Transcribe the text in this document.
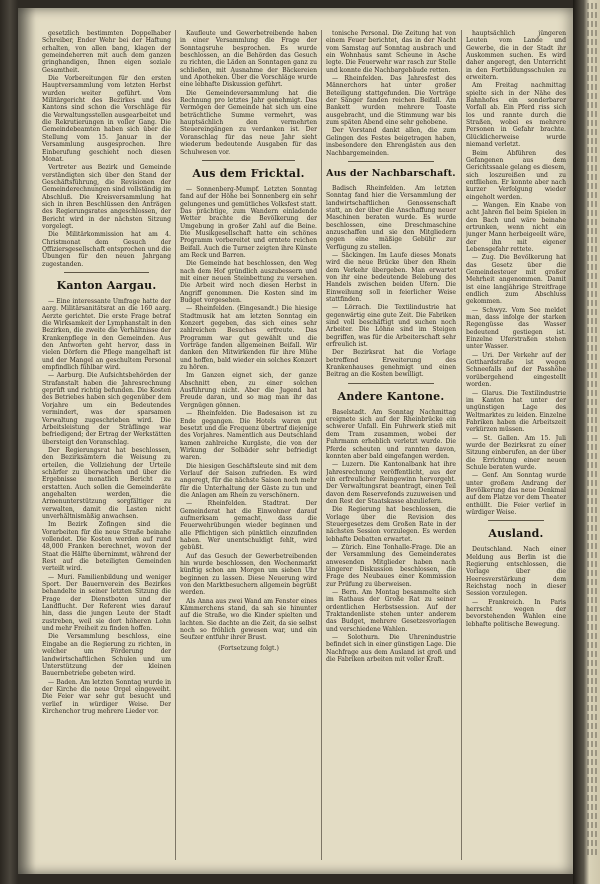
gesetzlich bestimmten Doppelhaber Schreiber, Ender Wehr bei der Haftung erhalten, von allen bang, klagen der gemeindeherren mit auch dem ganzen gringhandigen, Ihnen eigen soziale Gesamtheit.

Die Vorbereitungen für den ersten Hauptversammlung vom letzten Herbst wurden weiter geführt. Vom Militärgericht des Bezirkes und des Kantons sind schon die Vorschläge für die Verwaltungsstellen ausgearbeitet und die Rekrutierungen in voller Gang. Die Gemeindebeamten haben sich über die Stellung vom 15. Januar in der Versammlung ausgesprochen. Ihre Einberufung geschieht noch diesen Monat.

Vertreter aus Bezirk und Gemeinde verständigten sich über den Stand der Geschäftsführung, die Revisionen der Gemeinderechnungen sind vollständig im Abschluß. Die Kreisversammlung hat sich in ihren Beschlüssen den Anträgen des Regierungsrates angeschlossen, der Bericht wird in der nächsten Sitzung vorgelegt.

Die Militärkommission hat am 4. Christmonat dem Gesuch der Offiziersgesellschaft entsprochen und die Übungen für den neuen Jahrgang zugestanden.

Kanton Aargau.

— Eine interessante Umfrage hatte der aarg. Militärsanitätsrat an die 160 aarg. Aerzte gerichtet. Die erste Frage betraf die Wirksamkeit der Lymphanstalt in den Bezirken, die zweite die Verhältnisse der Krankenpflege in den Gemeinden. Aus den Antworten geht hervor, dass in vielen Dörfern die Pflege mangelhaft ist und der Mangel an geschultem Personal empfindlich fühlbar wird.

— Aarburg. Die Aufsichtsbehörden der Strafanstalt haben die Jahresrechnung geprüft und richtig befunden. Die Kosten des Betriebes haben sich gegenüber dem Vorjahre um ein Bedeutendes vermindert, was der sparsamen Verwaltung zugeschrieben wird. Die Arbeitsleistung der Sträflinge war befriedigend; der Ertrag der Werkstätten übersteigt den Voranschlag.

Der Regierungsrat hat beschlossen, den Bezirksämtern die Weisung zu erteilen, die Vollziehung der Urteile schärfer zu überwachen und über die Ergebnisse monatlich Bericht zu erstatten. Auch sollen die Gemeinderäte angehalten werden, die Armenunterstützung sorgfältiger zu verwalten, damit die Lasten nicht unverhältnismäßig anwachsen.

Im Bezirk Zofingen sind die Vorarbeiten für die neue Straße beinahe vollendet. Die Kosten werden auf rund 48,000 Franken berechnet, wovon der Staat die Hälfte übernimmt, während der Rest auf die beteiligten Gemeinden verteilt wird.

— Muri. Familienbildung und weniger Sport. Der Bauernverein des Bezirkes behandelte in seiner letzten Sitzung die Frage der Dienstboten und der Landflucht. Der Referent wies darauf hin, dass die jungen Leute der Stadt zustreben, weil sie dort höheren Lohn und mehr Freiheit zu finden hoffen.

Die Versammlung beschloss, eine Eingabe an die Regierung zu richten, in welcher um Förderung der landwirtschaftlichen Schulen und um Unterstützung der kleinen Bauernbetriebe gebeten wird.

— Baden. Am letzten Sonntag wurde in der Kirche die neue Orgel eingeweiht. Die Feier war sehr gut besucht und verlief in würdiger Weise. Der Kirchenchor trug mehrere Lieder vor.

Kaufleute und Gewerbetreibende haben in einer Versammlung die Frage der Sonntagsruhe besprochen. Es wurde beschlossen, an die Behörden das Gesuch zu richten, die Läden an Sonntagen ganz zu schließen, mit Ausnahme der Bäckereien und Apotheken. Über die Vorschläge wurde eine lebhafte Diskussion geführt.

Die Gemeindeversammlung hat die Rechnung pro letztes Jahr genehmigt. Das Vermögen der Gemeinde hat sich um eine beträchtliche Summe vermehrt, was hauptsächlich den vermehrten Steuereingängen zu verdanken ist. Der Voranschlag für das neue Jahr sieht wiederum bedeutende Ausgaben für das Schulwesen vor.

Aus dem Fricktal.

— Sonnenberg-Mumpf. Letzten Sonntag fand auf der Höhe bei Sonnenberg ein sehr gelungenes und gemütliches Volksfest statt. Das prächtige, zum Wandern einladende Wetter brachte die Bevölkerung der Umgebung in großer Zahl auf die Beine. Die Musikgesellschaft hatte ein schönes Programm vorbereitet und erntete reichen Beifall. Auch die Turner zeigten ihre Künste am Reck und Barren.

Die Gemeinde hat beschlossen, den Weg nach dem Hof gründlich auszubessern und mit einer neuen Steinbettung zu versehen. Die Arbeit wird noch diesen Herbst in Angriff genommen. Die Kosten sind im Budget vorgesehen.

— Rheinfelden. (Eingesandt.) Die hiesige Stadtmusik hat am letzten Sonntag ein Konzert gegeben, das sich eines sehr zahlreichen Besuches erfreute. Das Programm war gut gewählt und die Vorträge fanden allgemeinen Beifall. Wir danken den Mitwirkenden für ihre Mühe und hoffen, bald wieder ein solches Konzert zu hören.

Im Ganzen eignet sich, der ganze Abschnitt eben, zu einer solchen Ausführung nicht. Aber die Jugend hat Freude daran, und so mag man ihr das Vergnügen gönnen.

— Rheinfelden. Die Badesaison ist zu Ende gegangen. Die Hotels waren gut besetzt und die Frequenz übertraf diejenige des Vorjahres. Namentlich aus Deutschland kamen zahlreiche Kurgäste, die von der Wirkung der Solbäder sehr befriedigt waren.

Die hiesigen Geschäftsleute sind mit dem Verlauf der Saison zufrieden. Es wird angeregt, für die nächste Saison noch mehr für die Unterhaltung der Gäste zu tun und die Anlagen am Rhein zu verschönern.

— Rheinfelden. Stadtrat. Der Gemeinderat hat die Einwohner darauf aufmerksam gemacht, dass die Feuerwehrübungen wieder beginnen und alle Pflichtigen sich pünktlich einzufinden haben. Wer unentschuldigt fehlt, wird gebüßt.

Auf das Gesuch der Gewerbetreibenden hin wurde beschlossen, den Wochenmarkt künftig schon am Morgen um sieben Uhr beginnen zu lassen. Diese Neuerung wird von den Marktbesuchern allgemein begrüßt werden.

Als Anna aus zwei Wand am Fenster eines Kämmerchens stand, da sah sie hinunter auf die Straße, wo die Kinder spielten und lachten. Sie dachte an die Zeit, da sie selbst noch so fröhlich gewesen war, und ein Seufzer entfuhr ihrer Brust.

(Fortsetzung folgt.)

tonische Personal. Die Zeitung hat von einem Feuer berichtet, das in der Nacht vom Samstag auf Sonntag ausbrach und ein Wohnhaus samt Scheune in Asche legte. Die Feuerwehr war rasch zur Stelle und konnte die Nachbargebäude retten.

— Rheinfelden. Das Jahresfest des Männerchors hat unter großer Beteiligung stattgefunden. Die Vorträge der Sänger fanden reichen Beifall. Am Bankett wurden mehrere Toaste ausgebracht, und die Stimmung war bis zum späten Abend eine sehr gehobene.

Der Vorstand dankt allen, die zum Gelingen des Festes beigetragen haben, insbesondere den Ehrengästen aus den Nachbargemeinden.

Aus der Nachbarschaft.

Badisch Rheinfelden. Am letzten Sonntag fand hier die Versammlung der landwirtschaftlichen Genossenschaft statt, an der über die Anschaffung neuer Maschinen beraten wurde. Es wurde beschlossen, eine Dreschmaschine anzuschaffen und sie den Mitgliedern gegen eine mäßige Gebühr zur Verfügung zu stellen.

— Säckingen. Im Laufe dieses Monats wird die neue Brücke über den Rhein dem Verkehr übergeben. Man erwartet von ihr eine bedeutende Belebung des Handels zwischen beiden Ufern. Die Einweihung soll in feierlicher Weise stattfinden.

— Lörrach. Die Textilindustrie hat gegenwärtig eine gute Zeit. Die Fabriken sind voll beschäftigt und suchen noch Arbeiter. Die Löhne sind im Steigen begriffen, was für die Arbeiterschaft sehr erfreulich ist.

Der Bezirksrat hat die Vorlage betreffend Erweiterung des Krankenhauses genehmigt und einen Beitrag an die Kosten bewilligt.

Andere Kantone.

Baselstadt. Am Sonntag Nachmittag ereignete sich auf der Rheinbrücke ein schwerer Unfall. Ein Fuhrwerk stieß mit dem Tram zusammen, wobei der Fuhrmann erheblich verletzt wurde. Die Pferde scheuten und rannten davon, konnten aber bald eingefangen werden.

— Luzern. Die Kantonalbank hat ihre Jahresrechnung veröffentlicht, aus der ein erfreulicher Reingewinn hervorgeht. Der Verwaltungsrat beantragt, einen Teil davon dem Reservefonds zuzuweisen und den Rest der Staatskasse abzuliefern.

Die Regierung hat beschlossen, die Vorlage über die Revision des Steuergesetzes dem Großen Rate in der nächsten Session vorzulegen. Es werden lebhafte Debatten erwartet.

— Zürich. Eine Tonhalle-Frage. Die an der Versammlung des Gemeinderates anwesenden Mitglieder haben nach längerer Diskussion beschlossen, die Frage des Neubaues einer Kommission zur Prüfung zu überweisen.

— Bern. Am Montag besammelte sich im Rathaus der Große Rat zu seiner ordentlichen Herbstsession. Auf der Traktandenliste stehen unter anderem das Budget, mehrere Gesetzesvorlagen und verschiedene Wahlen.

— Solothurn. Die Uhrenindustrie befindet sich in einer günstigen Lage. Die Nachfrage aus dem Ausland ist groß und die Fabriken arbeiten mit voller Kraft.

hauptsächlich jüngeren Leuten vom Lande und Gewerbe, die in der Stadt ihr Auskommen suchen. Es wird daher angeregt, den Unterricht in den Fortbildungsschulen zu erweitern.

Am Freitag nachmittag spielte sich in der Nähe des Bahnhofes ein sonderbarer Vorfall ab. Ein Pferd riss sich los und rannte durch die Straßen, wobei es mehrere Personen in Gefahr brachte. Glücklicherweise wurde niemand verletzt.

Beim Abführen des Gefangenen aus dem Gerichtssaale gelang es diesem, sich loszureißen und zu entfliehen. Er konnte aber nach kurzer Verfolgung wieder eingeholt werden.

— Wangen. Ein Knabe von acht Jahren fiel beim Spielen in den Bach und wäre beinahe ertrunken, wenn nicht ein junger Mann herbeigeeilt wäre, der ihn mit eigener Lebensgefahr rettete.

— Zug. Die Bevölkerung hat das Gesetz über die Gemeindesteuer mit großer Mehrheit angenommen. Damit ist eine langjährige Streitfrage endlich zum Abschluss gekommen.

— Schwyz. Vom See meldet man, dass infolge der starken Regengüsse das Wasser bedeutend gestiegen ist. Einzelne Uferstraßen stehen unter Wasser.

— Uri. Der Verkehr auf der Gotthardstraße ist wegen Schneefalls auf der Passhöhe vorübergehend eingestellt worden.

— Glarus. Die Textilindustrie im Kanton hat unter der ungünstigen Lage des Weltmarktes zu leiden. Einzelne Fabriken haben die Arbeitszeit verkürzen müssen.

— St. Gallen. Am 15. Juli wurde der Bezirksrat zu einer Sitzung einberufen, an der über die Errichtung einer neuen Schule beraten wurde.

— Genf. Am Sonntag wurde unter großem Andrang der Bevölkerung das neue Denkmal auf dem Platze vor dem Theater enthüllt. Die Feier verlief in würdiger Weise.

Ausland.

Deutschland. Nach einer Meldung aus Berlin ist die Regierung entschlossen, die Vorlage über die Heeresverstärkung dem Reichstag noch in dieser Session vorzulegen.

— Frankreich. In Paris herrscht wegen der bevorstehenden Wahlen eine lebhafte politische Bewegung.
